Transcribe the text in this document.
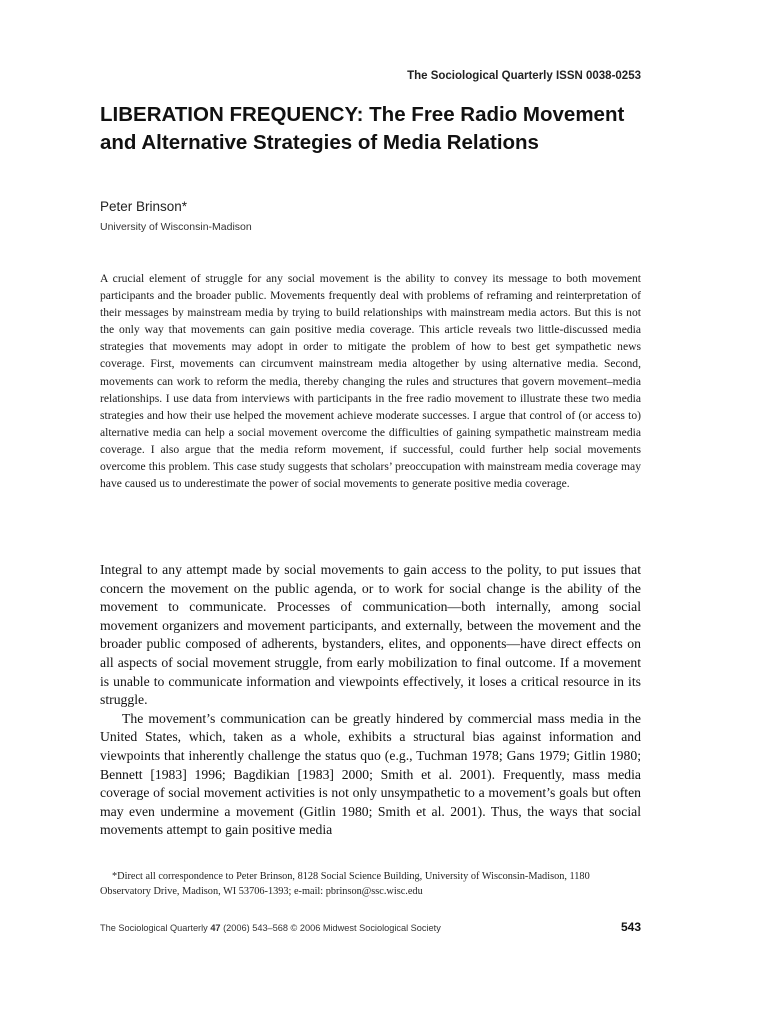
The Sociological Quarterly ISSN 0038-0253
LIBERATION FREQUENCY: The Free Radio Movement and Alternative Strategies of Media Relations
Peter Brinson*
University of Wisconsin-Madison

A crucial element of struggle for any social movement is the ability to convey its message to both movement participants and the broader public. Movements frequently deal with problems of reframing and reinterpretation of their messages by mainstream media by trying to build relationships with mainstream media actors. But this is not the only way that movements can gain positive media coverage. This article reveals two little-discussed media strategies that movements may adopt in order to mitigate the problem of how to best get sympathetic news coverage. First, movements can circumvent mainstream media altogether by using alternative media. Second, movements can work to reform the media, thereby changing the rules and structures that govern movement–media relationships. I use data from interviews with participants in the free radio movement to illustrate these two media strategies and how their use helped the movement achieve moderate successes. I argue that control of (or access to) alternative media can help a social movement overcome the difficulties of gaining sympathetic mainstream media coverage. I also argue that the media reform movement, if successful, could further help social movements overcome this problem. This case study suggests that scholars’ preoccupation with mainstream media coverage may have caused us to underestimate the power of social movements to generate positive media coverage.

Integral to any attempt made by social movements to gain access to the polity, to put issues that concern the movement on the public agenda, or to work for social change is the ability of the movement to communicate. Processes of communication—both internally, among social movement organizers and movement participants, and externally, between the movement and the broader public composed of adherents, bystanders, elites, and opponents—have direct effects on all aspects of social movement struggle, from early mobilization to final outcome. If a movement is unable to communicate information and viewpoints effectively, it loses a critical resource in its struggle.

The movement’s communication can be greatly hindered by commercial mass media in the United States, which, taken as a whole, exhibits a structural bias against information and viewpoints that inherently challenge the status quo (e.g., Tuchman 1978; Gans 1979; Gitlin 1980; Bennett [1983] 1996; Bagdikian [1983] 2000; Smith et al. 2001). Frequently, mass media coverage of social movement activities is not only unsympathetic to a movement’s goals but often may even undermine a movement (Gitlin 1980; Smith et al. 2001). Thus, the ways that social movements attempt to gain positive media

*Direct all correspondence to Peter Brinson, 8128 Social Science Building, University of Wisconsin-Madison, 1180 Observatory Drive, Madison, WI 53706-1393; e-mail: pbrinson@ssc.wisc.edu

The Sociological Quarterly 47 (2006) 543–568 © 2006 Midwest Sociological Society	543
